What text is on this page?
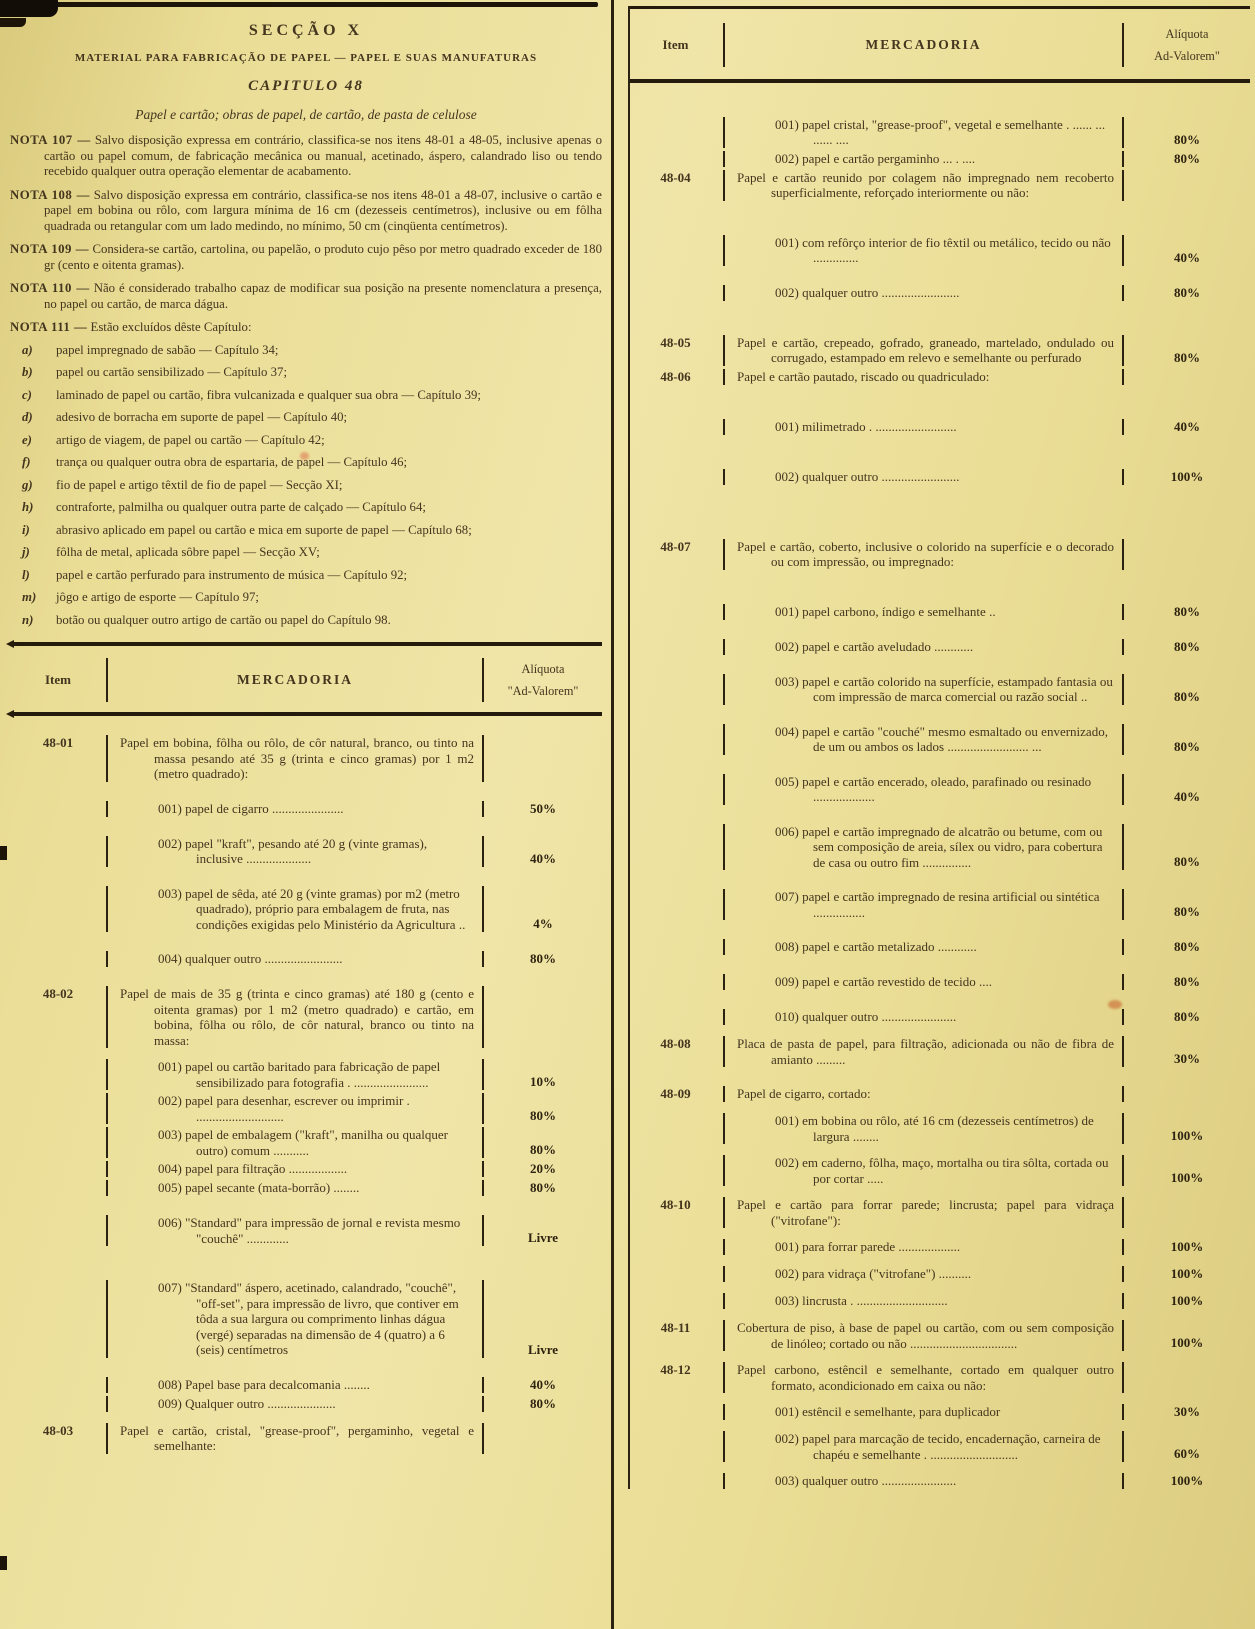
SECÇÃO X
MATERIAL PARA FABRICAÇÃO DE PAPEL — PAPEL E SUAS MANUFATURAS
CAPITULO 48
Papel e cartão; obras de papel, de cartão, de pasta de celulose
NOTA 107 — Salvo disposição expressa em contrário, classifica-se nos itens 48-01 a 48-05, inclusive apenas o cartão ou papel comum, de fabricação mecânica ou manual, acetinado, áspero, calandrado liso ou tendo recebido qualquer outra operação elementar de acabamento.
NOTA 108 — Salvo disposição expressa em contrário, classifica-se nos itens 48-01 a 48-07, inclusive o cartão e papel em bobina ou rôlo, com largura mínima de 16 cm (dezesseis centímetros), inclusive ou em fôlha quadrada ou retangular com um lado medindo, no mínimo, 50 cm (cinqüenta centímetros).
NOTA 109 — Considera-se cartão, cartolina, ou papelão, o produto cujo pêso por metro quadrado exceder de 180 gr (cento e oitenta gramas).
NOTA 110 — Não é considerado trabalho capaz de modificar sua posição na presente nomenclatura a presença, no papel ou cartão, de marca dágua.
NOTA 111 — Estão excluídos dêste Capítulo:
a)	papel impregnado de sabão — Capítulo 34;
b)	papel ou cartão sensibilizado — Capítulo 37;
c)	laminado de papel ou cartão, fibra vulcanizada e qualquer sua obra — Capítulo 39;
d)	adesivo de borracha em suporte de papel — Capítulo 40;
e)	artigo de viagem, de papel ou cartão — Capítulo 42;
f)	trança ou qualquer outra obra de espartaria, de papel — Capítulo 46;
g)	fio de papel e artigo têxtil de fio de papel — Secção XI;
h)	contraforte, palmilha ou qualquer outra parte de calçado — Capítulo 64;
i)	abrasivo aplicado em papel ou cartão e mica em suporte de papel — Capítulo 68;
j)	fôlha de metal, aplicada sôbre papel — Secção XV;
l)	papel e cartão perfurado para instrumento de música — Capítulo 92;
m)	jôgo e artigo de esporte — Capítulo 97;
n)	botão ou qualquer outro artigo de cartão ou papel do Capítulo 98.
Item	MERCADORIA
Alíquota
"Ad-Valorem"
48-01	Papel em bobina, fôlha ou rôlo, de côr natural, branco, ou tinto na massa pesando até 35 g (trinta e cinco gramas) por 1 m2 (metro quadrado):
001) papel de cigarro ......................	50%
002) papel "kraft", pesando até 20 g (vinte gramas), inclusive ....................	40%
003) papel de sêda, até 20 g (vinte gramas) por m2 (metro quadrado), próprio para embalagem de fruta, nas condições exigidas pelo Ministério da Agricultura ..	4%
004) qualquer outro ........................	80%
48-02	Papel de mais de 35 g (trinta e cinco gramas) até 180 g (cento e oitenta gramas) por 1 m2 (metro quadrado) e cartão, em bobina, fôlha ou rôlo, de côr natural, branco ou tinto na massa:
001) papel ou cartão baritado para fabricação de papel sensibilizado para fotografia . .......................	10%
002) papel para desenhar, escrever ou imprimir . ...........................	80%
003) papel de embalagem ("kraft", manilha ou qualquer outro) comum ...........	80%
004) papel para filtração ..................	20%
005) papel secante (mata-borrão) ........	80%
006) "Standard" para impressão de jornal e revista mesmo "couchê" .............	Livre
007) "Standard" áspero, acetinado, calandrado, "couchê", "off-set", para impressão de livro, que contiver em tôda a sua largura ou comprimento linhas dágua (vergé) separadas na dimensão de 4 (quatro) a 6 (seis) centímetros	Livre
008) Papel base para decalcomania ........	40%
009) Qualquer outro .....................	80%
48-03	Papel e cartão, cristal, "grease-proof", pergaminho, vegetal e semelhante:
Item	MERCADORIA
Alíquota
Ad-Valorem"
001) papel cristal, "grease-proof", vegetal e semelhante . ...... ... ...... ....	80%
002) papel e cartão pergaminho ... . ....	80%
48-04	Papel e cartão reunido por colagem não impregnado nem recoberto superficialmente, reforçado interiormente ou não:
001) com refôrço interior de fio têxtil ou metálico, tecido ou não ..............	40%
002) qualquer outro ........................	80%
48-05	Papel e cartão, crepeado, gofrado, graneado, martelado, ondulado ou corrugado, estampado em relevo e semelhante ou perfurado	80%
48-06	Papel e cartão pautado, riscado ou quadriculado:
001) milimetrado . .........................	40%
002) qualquer outro ........................	100%
48-07	Papel e cartão, coberto, inclusive o colorido na superfície e o decorado ou com impressão, ou impregnado:
001) papel carbono, índigo e semelhante ..	80%
002) papel e cartão aveludado ............	80%
003) papel e cartão colorido na superfície, estampado fantasia ou com impressão de marca comercial ou razão social ..	80%
004) papel e cartão "couché" mesmo esmaltado ou envernizado, de um ou ambos os lados ......................... ...	80%
005) papel e cartão encerado, oleado, parafinado ou resinado ...................	40%
006) papel e cartão impregnado de alcatrão ou betume, com ou sem composição de areia, sílex ou vidro, para cobertura de casa ou outro fim ...............	80%
007) papel e cartão impregnado de resina artificial ou sintética ................	80%
008) papel e cartão metalizado ............	80%
009) papel e cartão revestido de tecido ....	80%
010) qualquer outro .......................	80%
48-08	Placa de pasta de papel, para filtração, adicionada ou não de fibra de amianto .........	30%
48-09	Papel de cigarro, cortado:
001) em bobina ou rôlo, até 16 cm (dezesseis centímetros) de largura ........	100%
002) em caderno, fôlha, maço, mortalha ou tira sôlta, cortada ou por cortar .....	100%
48-10	Papel e cartão para forrar parede; lincrusta; papel para vidraça ("vitrofane"):
001) para forrar parede ...................	100%
002) para vidraça ("vitrofane") ..........	100%
003) lincrusta . ............................	100%
48-11	Cobertura de piso, à base de papel ou cartão, com ou sem composição de linóleo; cortado ou não .................................	100%
48-12	Papel carbono, estêncil e semelhante, cortado em qualquer outro formato, acondicionado em caixa ou não:
001) estêncil e semelhante, para duplicador	30%
002) papel para marcação de tecido, encadernação, carneira de chapéu e semelhante . ...........................	60%
003) qualquer outro .......................	100%
